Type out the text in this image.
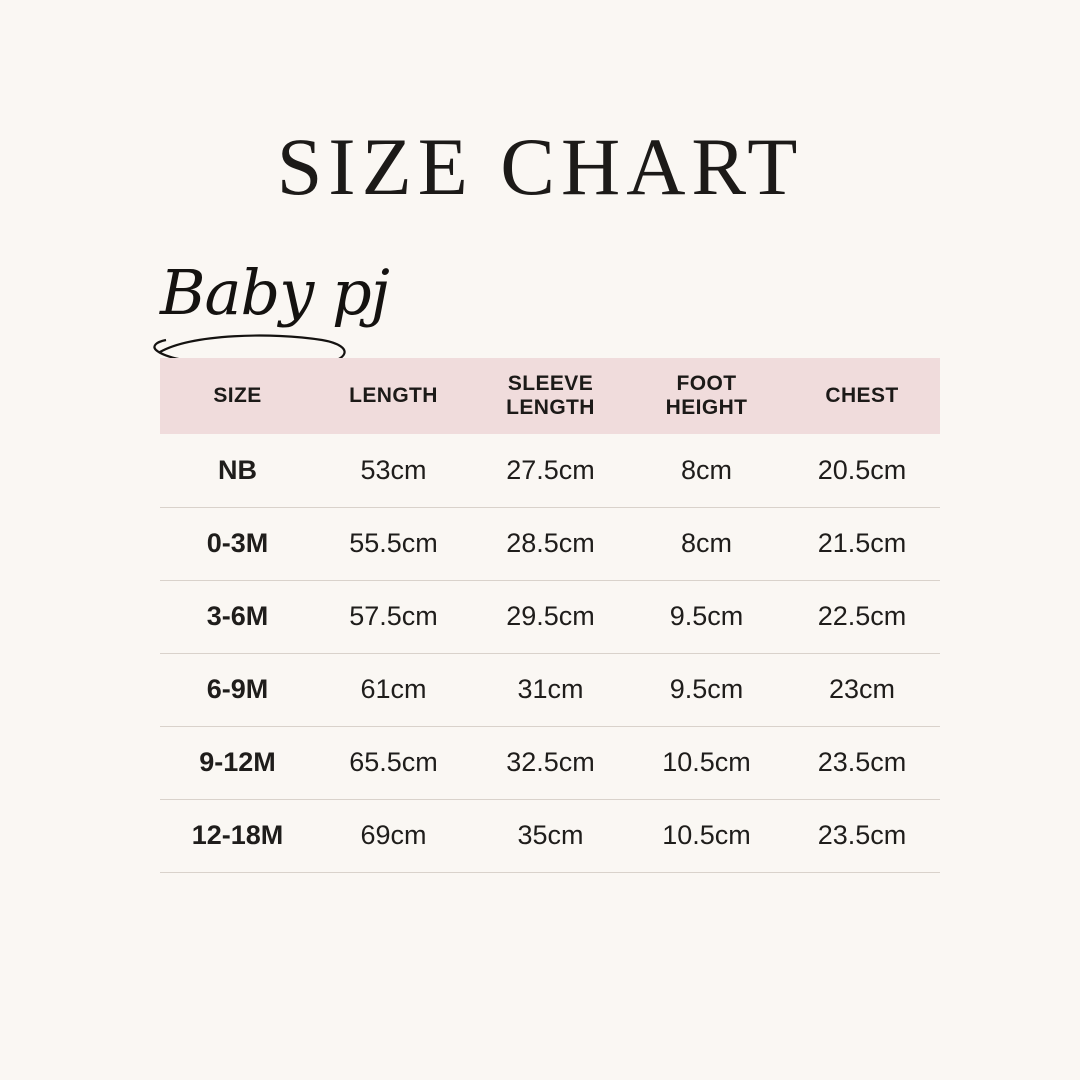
SIZE CHART
Baby pj
SIZE	LENGTH	SLEEVE LENGTH	FOOT HEIGHT	CHEST
NB	53cm	27.5cm	8cm	20.5cm
0-3M	55.5cm	28.5cm	8cm	21.5cm
3-6M	57.5cm	29.5cm	9.5cm	22.5cm
6-9M	61cm	31cm	9.5cm	23cm
9-12M	65.5cm	32.5cm	10.5cm	23.5cm
12-18M	69cm	35cm	10.5cm	23.5cm
